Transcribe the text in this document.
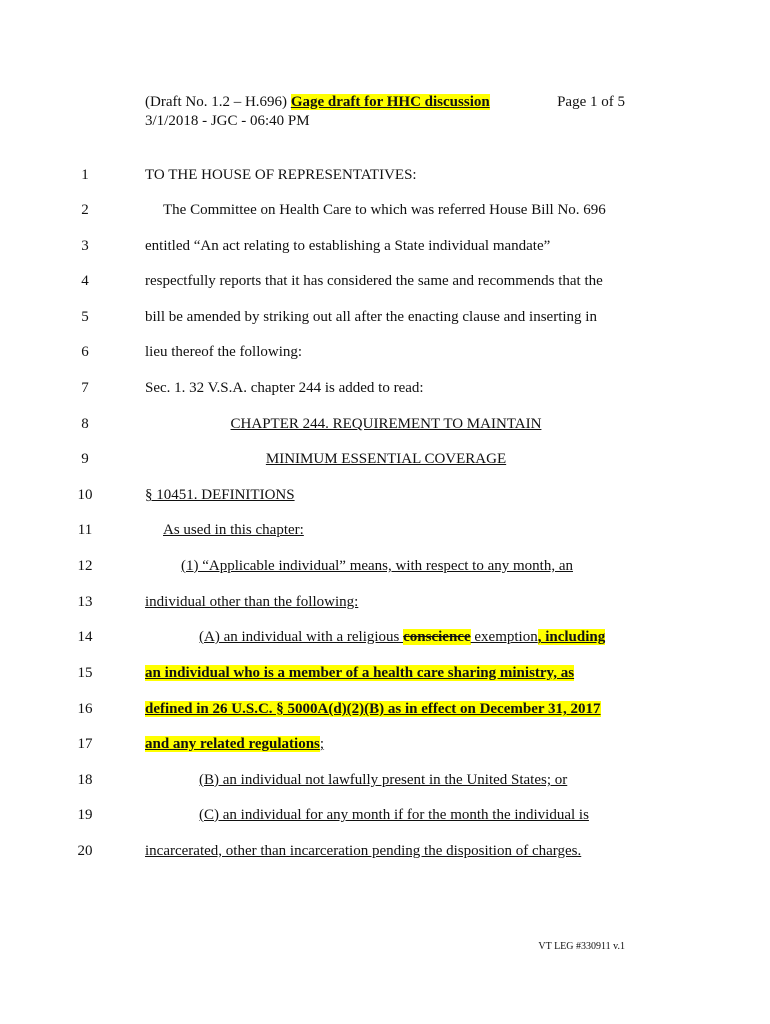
(Draft No. 1.2 – H.696) Gage draft for HHC discussion	Page 1 of 5
3/1/2018 - JGC - 06:40 PM
1
2
3
4
5
6
7
8
9
10
11
12
13
14
15
16
17
18
19
20
TO THE HOUSE OF REPRESENTATIVES:
The Committee on Health Care to which was referred House Bill No. 696
entitled “An act relating to establishing a State individual mandate”
respectfully reports that it has considered the same and recommends that the
bill be amended by striking out all after the enacting clause and inserting in
lieu thereof the following:
Sec. 1. 32 V.S.A. chapter 244 is added to read:
CHAPTER 244. REQUIREMENT TO MAINTAIN
MINIMUM ESSENTIAL COVERAGE
§ 10451. DEFINITIONS
As used in this chapter:
(1) “Applicable individual” means, with respect to any month, an
individual other than the following:
(A) an individual with a religious conscience exemption, including
an individual who is a member of a health care sharing ministry, as
defined in 26 U.S.C. § 5000A(d)(2)(B) as in effect on December 31, 2017
and any related regulations;
(B) an individual not lawfully present in the United States; or
(C) an individual for any month if for the month the individual is
incarcerated, other than incarceration pending the disposition of charges.
VT LEG #330911 v.1
